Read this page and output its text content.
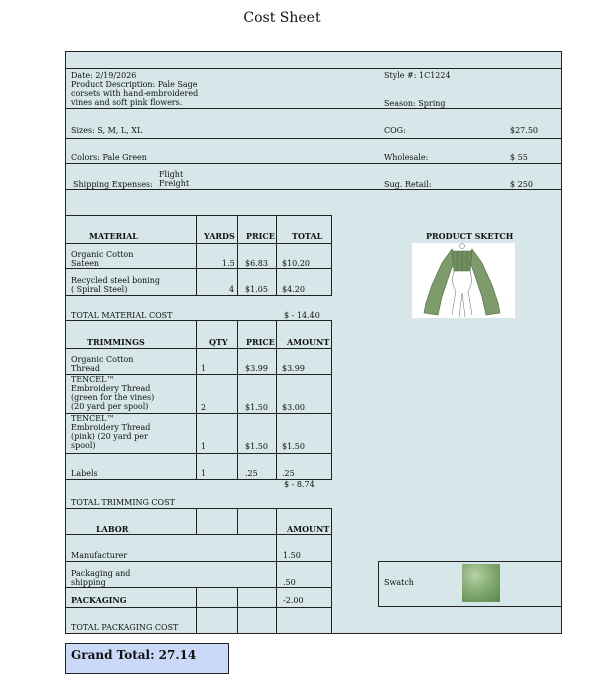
Cost Sheet
Date: 2/19/2026	Style #: 1C1224
Product Description: Pale Sage
corsets with hand-embroidered
vines and soft pink flowers.	Season: Spring
Sizes: S, M, L, XL	COG:	$27.50
Colors: Pale Green	Wholesale:	$ 55
Flight
Freight
Shipping Expenses:	Sug. Retail:	$ 250
MATERIAL	YARDS PRICE TOTAL
Organic Cotton
Sateen	1.5 $6.83 $10.20
Recycled steel boning
( Spiral Steel)	4 $1.05 $4.20
TOTAL MATERIAL COST	$ - 14.40
PRODUCT SKETCH
TRIMMINGS	QTY PRICE AMOUNT
Organic Cotton
Thread	1	$3.99 $3.99
TENCEL™
Embroidery Thread
(green for the vines)
(20 yard per spool)	2	$1.50 $3.00
TENCEL™
Embroidery Thread
(pink) (20 yard per
spool)	1	$1.50 $1.50
Labels	1	.25	.25
$ - 8.74
TOTAL TRIMMING COST
LABOR	AMOUNT
Manufacturer	1.50
Packaging and
shipping	.50
PACKAGING	-2.00
TOTAL PACKAGING COST
Swatch
Grand Total: 27.14
